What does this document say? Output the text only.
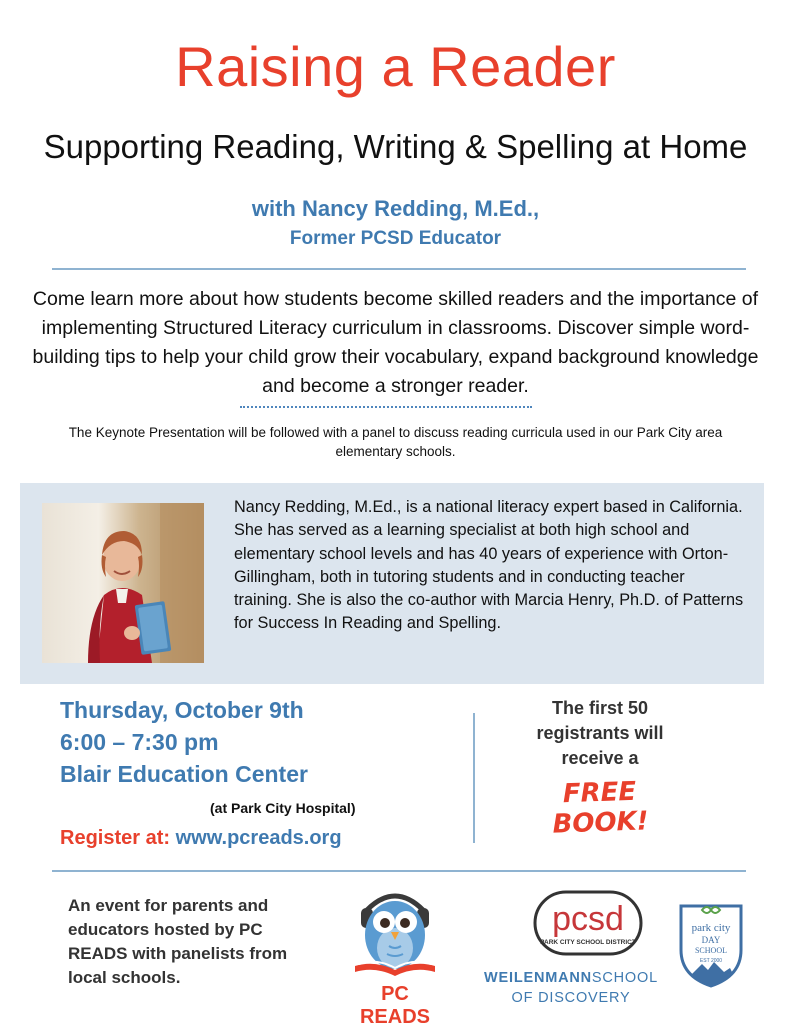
Raising a Reader
Supporting Reading, Writing & Spelling at Home
with Nancy Redding, M.Ed.,
Former PCSD Educator
Come learn more about how students become skilled readers and the importance of implementing Structured Literacy curriculum in classrooms. Discover simple word-building tips to help your child grow their vocabulary, expand background knowledge and become a stronger reader.
The Keynote Presentation will be followed with a panel to discuss reading curricula used in our Park City area elementary schools.
Nancy Redding, M.Ed., is a national literacy expert based in California. She has served as a learning specialist at both high school and elementary school levels and has 40 years of experience with Orton-Gillingham, both in tutoring students and in conducting teacher training. She is also the co-author with Marcia Henry, Ph.D. of Patterns for Success In Reading and Spelling.
Thursday, October 9th
6:00 – 7:30 pm
Blair Education Center
(at Park City Hospital)
Register at: www.pcreads.org
The first 50
registrants will
receive a
FREE
BOOK!
An event for parents and educators hosted by PC READS with panelists from local schools.
PC READS
pcsd
PARK CITY SCHOOL DISTRICT
WEILENMANNSCHOOL
OF DISCOVERY
park city
DAY
SCHOOL
EST 2000
